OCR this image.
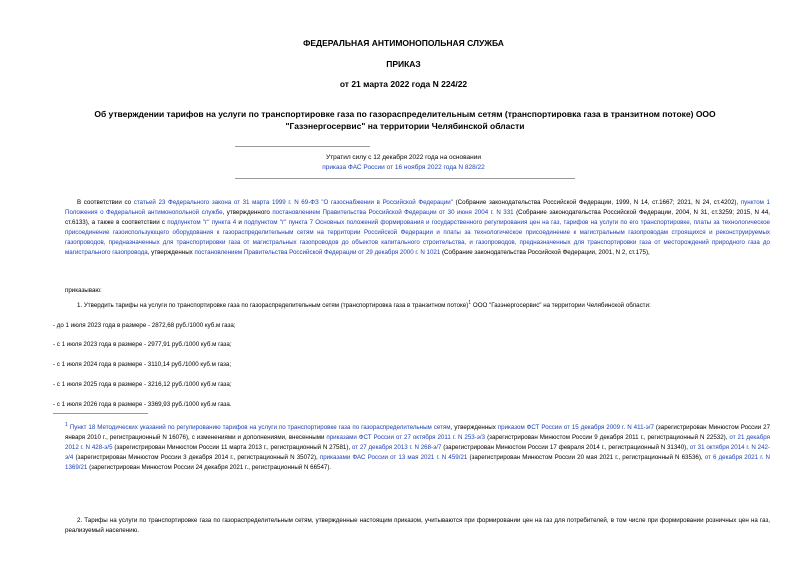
ФЕДЕРАЛЬНАЯ АНТИМОНОПОЛЬНАЯ СЛУЖБА
ПРИКАЗ
от 21 марта 2022 года N 224/22
Об утверждении тарифов на услуги по транспортировке газа по газораспределительным сетям (транспортировка газа в транзитном потоке) ООО "Газэнергосервис" на территории Челябинской области
Утратил силу с 12 декабря 2022 года на основании
приказа ФАС России от 16 ноября 2022 года N 828/22
В соответствии со статьей 23 Федерального закона от 31 марта 1999 г. N 69-ФЗ "О газоснабжении в Российской Федерации" (Собрание законодательства Российской Федерации, 1999, N 14, ст.1667; 2021, N 24, ст.4202), пунктом 1 Положения о Федеральной антимонопольной службе, утвержденного постановлением Правительства Российской Федерации от 30 июня 2004 г. N 331 (Собрание законодательства Российской Федерации, 2004, N 31, ст.3259; 2015, N 44, ст.6133), а также в соответствии с подпунктом "г" пункта 4 и подпунктом "г" пункта 7 Основных положений формирования и государственного регулирования цен на газ, тарифов на услуги по его транспортировке, платы за технологическое присоединение газоиспользующего оборудования к газораспределительным сетям на территории Российской Федерации и платы за технологическое присоединение к магистральным газопроводам строящихся и реконструируемых газопроводов, предназначенных для транспортировки газа от магистральных газопроводов до объектов капитального строительства, и газопроводов, предназначенных для транспортировки газа от месторождений природного газа до магистрального газопровода, утвержденных постановлением Правительства Российской Федерации от 29 декабря 2000 г. N 1021 (Собрание законодательства Российской Федерации, 2001, N 2, ст.175),
приказываю:
1. Утвердить тарифы на услуги по транспортировке газа по газораспределительным сетям (транспортировка газа в транзитном потоке)$^1$ ООО "Газэнергосервис" на территории Челябинской области:
- до 1 июля 2023 года в размере - 2872,68 руб./1000 куб.м газа;
- с 1 июля 2023 года в размере - 2977,91 руб./1000 куб.м газа;
- с 1 июля 2024 года в размере - 3110,14 руб./1000 куб.м газа;
- с 1 июля 2025 года в размере - 3216,12 руб./1000 куб.м газа;
- с 1 июля 2026 года в размере - 3369,93 руб./1000 куб.м газа.
$^1$ Пункт 18 Методических указаний по регулированию тарифов на услуги по транспортировке газа по газораспределительным сетям, утвержденных приказом ФСТ России от 15 декабря 2009 г. N 411-э/7 (зарегистрирован Минюстом России 27 января 2010 г., регистрационный N 16076), с изменениями и дополнениями, внесенными приказами ФСТ России от 27 октября 2011 г. N 253-э/3 (зарегистрирован Минюстом России 9 декабря 2011 г., регистрационный N 22532), от 21 декабря 2012 г. N 428-э/5 (зарегистрирован Минюстом России 11 марта 2013 г., регистрационный N 27581), от 27 декабря 2013 г. N 268-э/7 (зарегистрирован Минюстом России 17 февраля 2014 г., регистрационный N 31340), от 31 октября 2014 г. N 242-э/4 (зарегистрирован Минюстом России 3 декабря 2014 г., регистрационный N 35072), приказами ФАС России от 13 мая 2021 г. N 459/21 (зарегистрирован Минюстом России 20 мая 2021 г., регистрационный N 63536), от 6 декабря 2021 г. N 1369/21 (зарегистрирован Минюстом России 24 декабря 2021 г., регистрационный N 66547).
2. Тарифы на услуги по транспортировке газа по газораспределительным сетям, утвержденные настоящим приказом, учитываются при формировании цен на газ для потребителей, в том числе при формировании розничных цен на газ, реализуемый населению.
